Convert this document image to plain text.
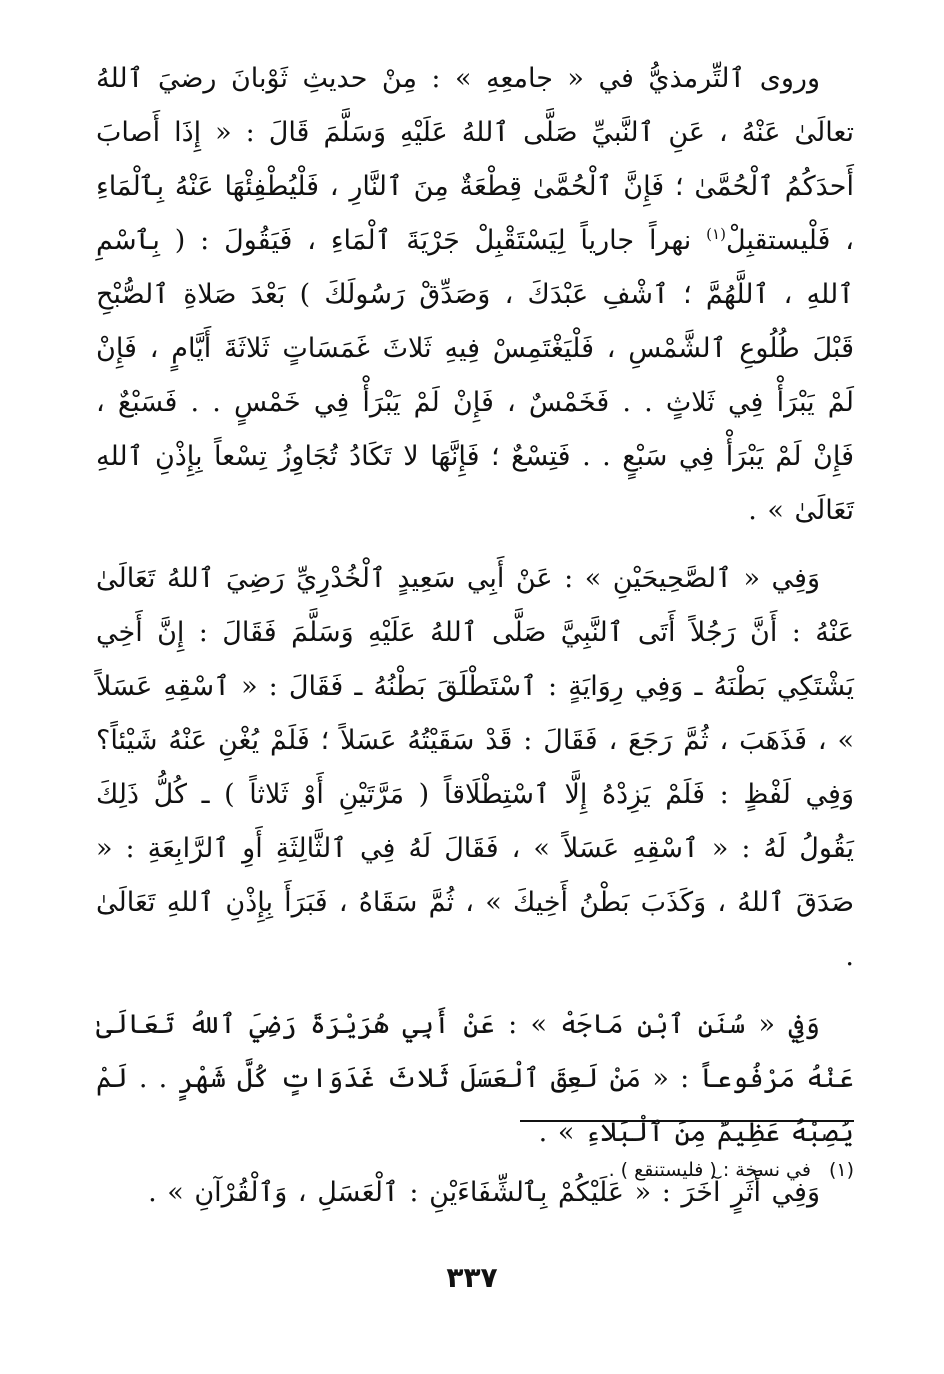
وروى ٱلتِّرمذيُّ في « جامعِهِ » : مِنْ حديثِ ثَوْبانَ رضيَ ٱللهُ تعالَىٰ عَنْهُ ، عَنِ ٱلنَّبيِّ صَلَّى ٱللهُ عَلَيْهِ وَسَلَّمَ قَالَ : « إِذَا أَصابَ أَحدَكُمُ ٱلْحُمَّىٰ ؛ فَإِنَّ ٱلْحُمَّىٰ قِطْعَةٌ مِنَ ٱلنَّارِ ، فَلْيُطْفِئْهَا عَنْهُ بِٱلْمَاءِ ، فَلْيستقبِلْ$^{(١)}$ نهراً جارياً لِيَسْتَقْبِلْ جَرْيَةَ ٱلْمَاءِ ، فَيَقُولَ : ( بِٱسْمِ ٱللهِ ، ٱللَّهُمَّ ؛ ٱشْفِ عَبْدَكَ ، وَصَدِّقْ رَسُولَكَ ) بَعْدَ صَلاةِ ٱلصُّبْحِ قَبْلَ طُلُوعِ ٱلشَّمْسِ ، فَلْيَغْتَمِسْ فِيهِ ثَلاثَ غَمَسَاتٍ ثَلاثَةَ أَيَّامٍ ، فَإِنْ لَمْ يَبْرَأْ فِي ثَلاثٍ . . فَخَمْسٌ ، فَإِنْ لَمْ يَبْرَأْ فِي خَمْسٍ . . فَسَبْعٌ ، فَإِنْ لَمْ يَبْرَأْ فِي سَبْعٍ . . فَتِسْعٌ ؛ فَإِنَّهَا لا تَكَادُ تُجَاوِزُ تِسْعاً بِإِذْنِ ٱللهِ تَعَالَىٰ » .

وَفِي « ٱلصَّحِيحَيْنِ » : عَنْ أَبِي سَعِيدٍ ٱلْخُدْرِيِّ رَضِيَ ٱللهُ تَعَالَىٰ عَنْهُ : أَنَّ رَجُلاً أَتَى ٱلنَّبِيَّ صَلَّى ٱللهُ عَلَيْهِ وَسَلَّمَ فَقَالَ : إِنَّ أَخِي يَشْتَكِي بَطْنَهُ ـ وَفِي رِوَايَةٍ : ٱسْتَطْلَقَ بَطْنُهُ ـ فَقَالَ : « ٱسْقِهِ عَسَلاً » ، فَذَهَبَ ، ثُمَّ رَجَعَ ، فَقَالَ : قَدْ سَقَيْتُهُ عَسَلاً ؛ فَلَمْ يُغْنِ عَنْهُ شَيْئاً؟ وَفِي لَفْظٍ : فَلَمْ يَزِدْهُ إِلَّا ٱسْتِطْلَاقاً ( مَرَّتَيْنِ أَوْ ثَلاثاً ) ـ كُلُّ ذَلِكَ يَقُولُ لَهُ : « ٱسْقِهِ عَسَلاً » ، فَقَالَ لَهُ فِي ٱلثَّالِثَةِ أَوِ ٱلرَّابِعَةِ : « صَدَقَ ٱللهُ ، وَكَذَبَ بَطْنُ أَخِيكَ » ، ثُمَّ سَقَاهُ ، فَبَرَأَ بِإِذْنِ ٱللهِ تَعَالَىٰ .

وَفِي « سُنَنِ ٱبْنِ مَاجَهْ » : عَنْ أَبِي هُرَيْرَةَ رَضِيَ ٱللهُ تَعَالَىٰ عَنْهُ مَرْفُوعاً : « مَنْ لَعِقَ ٱلْعَسَلَ ثَلاثَ غَدَوَاتٍ كُلَّ شَهْرٍ . . لَمْ يُصِبْهُ عَظِيمٌ مِنَ ٱلْبَلاءِ » .

وَفِي أَثَرٍ آخَرَ : « عَلَيْكُمْ بِٱلشِّفَاءَيْنِ : ٱلْعَسَلِ ، وَٱلْقُرْآنِ » .

(١)في نسخة : ( فليستنقع ) .
٣٣٧
